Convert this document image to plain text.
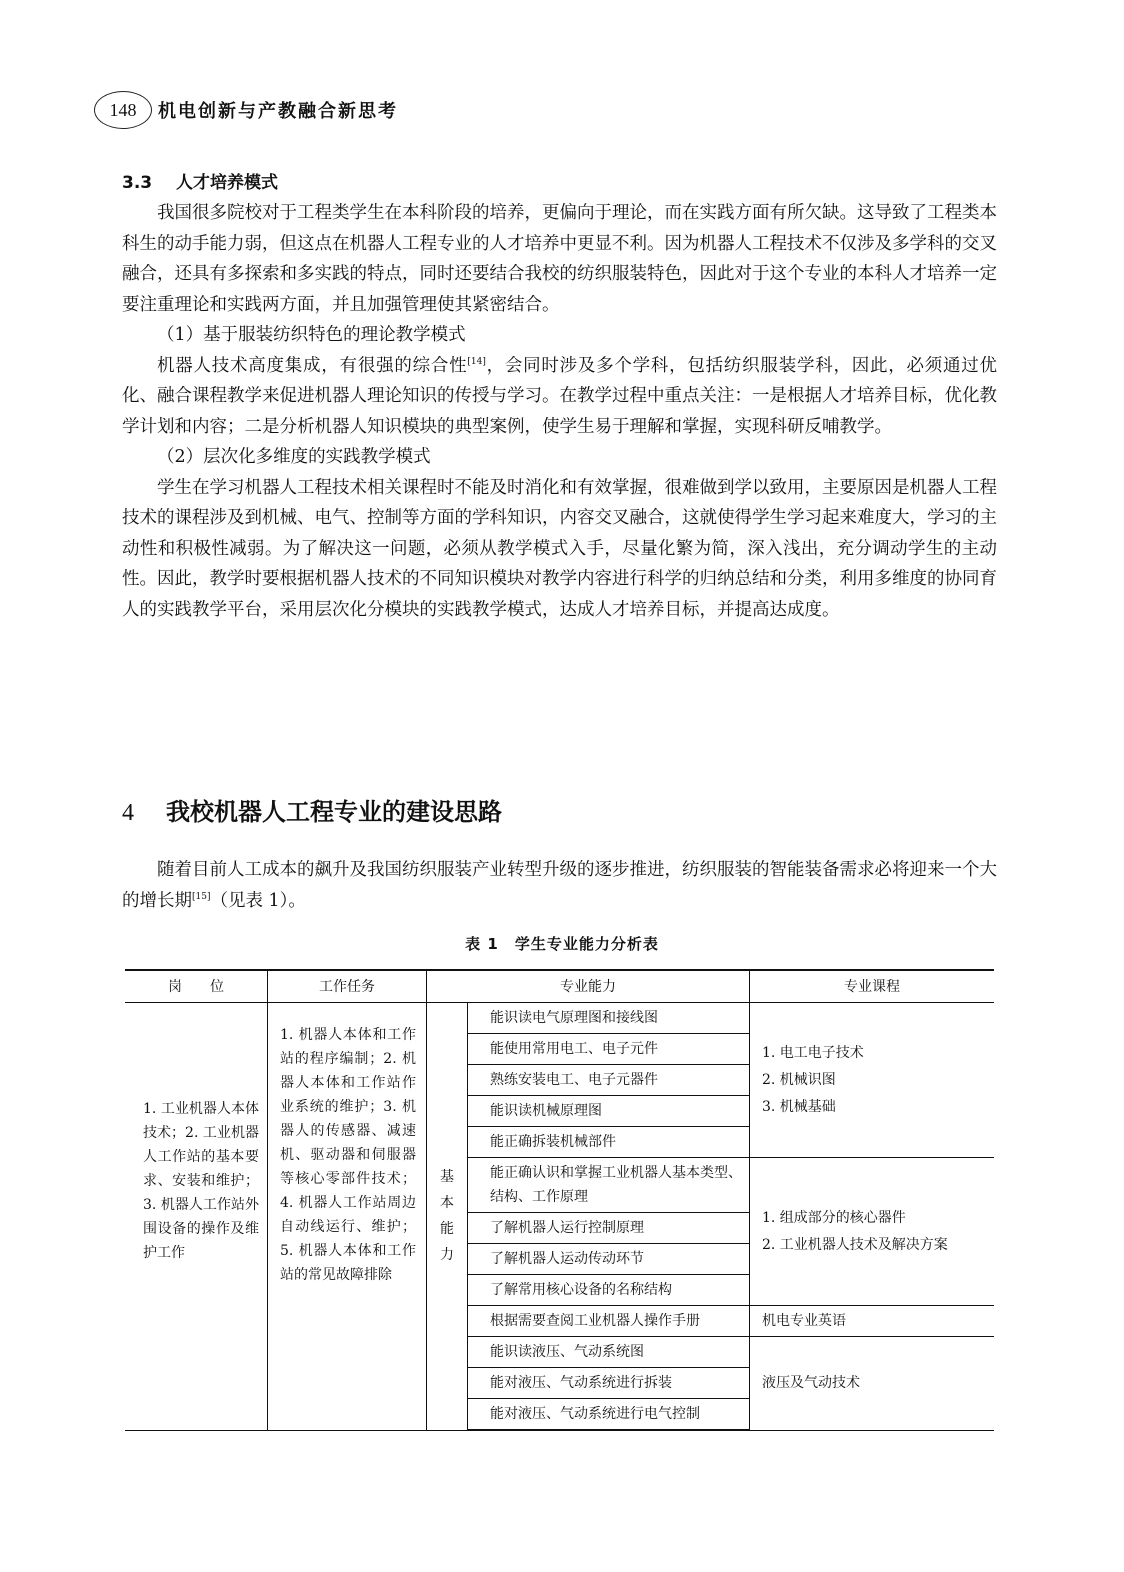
148	机电创新与产教融合新思考
3.3 人才培养模式

我国很多院校对于工程类学生在本科阶段的培养，更偏向于理论，而在实践方面有所欠缺。这导致了工程类本科生的动手能力弱，但这点在机器人工程专业的人才培养中更显不利。因为机器人工程技术不仅涉及多学科的交叉融合，还具有多探索和多实践的特点，同时还要结合我校的纺织服装特色，因此对于这个专业的本科人才培养一定要注重理论和实践两方面，并且加强管理使其紧密结合。

（1）基于服装纺织特色的理论教学模式

机器人技术高度集成，有很强的综合性[14]，会同时涉及多个学科，包括纺织服装学科，因此，必须通过优化、融合课程教学来促进机器人理论知识的传授与学习。在教学过程中重点关注：一是根据人才培养目标，优化教学计划和内容；二是分析机器人知识模块的典型案例，使学生易于理解和掌握，实现科研反哺教学。

（2）层次化多维度的实践教学模式

学生在学习机器人工程技术相关课程时不能及时消化和有效掌握，很难做到学以致用，主要原因是机器人工程技术的课程涉及到机械、电气、控制等方面的学科知识，内容交叉融合，这就使得学生学习起来难度大，学习的主动性和积极性减弱。为了解决这一问题，必须从教学模式入手，尽量化繁为简，深入浅出，充分调动学生的主动性。因此，教学时要根据机器人技术的不同知识模块对教学内容进行科学的归纳总结和分类，利用多维度的协同育人的实践教学平台，采用层次化分模块的实践教学模式，达成人才培养目标，并提高达成度。

4 我校机器人工程专业的建设思路

随着目前人工成本的飙升及我国纺织服装产业转型升级的逐步推进，纺织服装的智能装备需求必将迎来一个大的增长期[15]（见表 1）。

表 1　学生专业能力分析表
岗　　位	工作任务	专业能力		专业课程
1. 工业机器人本体技术；2. 工业机器人工作站的基本要求、安装和维护；3. 机器人工作站外围设备的操作及维护工作	1. 机器人本体和工作站的程序编制；2. 机器人本体和工作站作业系统的维护；3. 机器人的传感器、减速机、驱动器和伺服器等核心零部件技术；4. 机器人工作站周边自动线运行、维护；5. 机器人本体和工作站的常见故障排除	基本能力	能识读电气原理图和接线图	1. 电工电子技术
2. 机械识图
3. 机械基础

			能使用常用电工、电子元件	
			熟练安装电工、电子元器件	
			能识读机械原理图	
			能正确拆装机械部件	
			能正确认识和掌握工业机器人基本类型、结构、工作原理	1. 组成部分的核心器件
2. 工业机器人技术及解决方案

			了解机器人运行控制原理	
			了解机器人运动传动环节	
			了解常用核心设备的名称结构	
			根据需要查阅工业机器人操作手册	机电专业英语
			能识读液压、气动系统图	液压及气动技术
			能对液压、气动系统进行拆装	
			能对液压、气动系统进行电气控制	
